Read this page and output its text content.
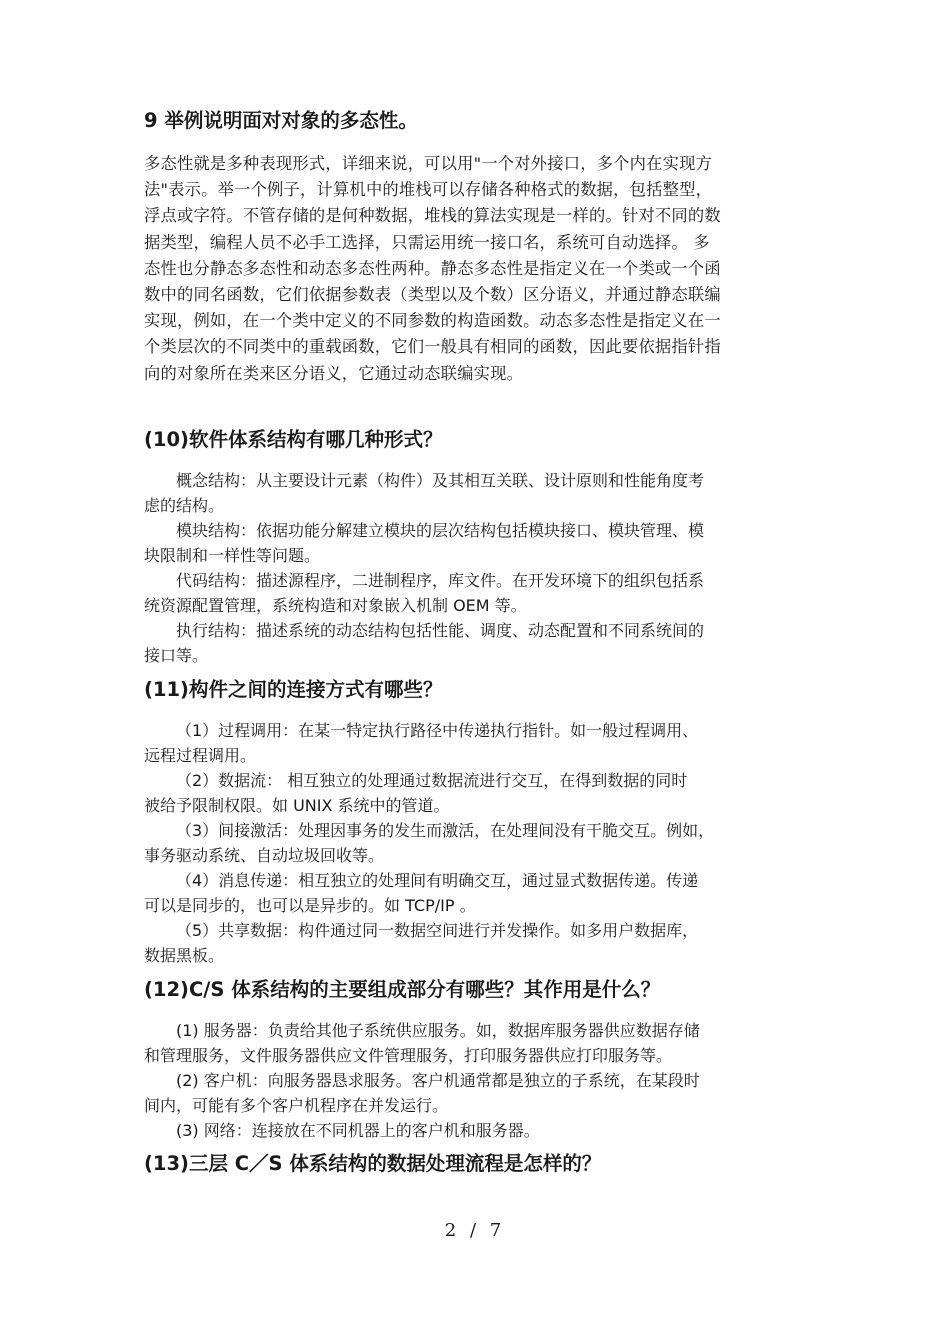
9 举例说明面对对象的多态性。
多态性就是多种表现形式，详细来说，可以用"一个对外接口，多个内在实现方
法"表示。举一个例子，计算机中的堆栈可以存储各种格式的数据，包括整型，
浮点或字符。不管存储的是何种数据，堆栈的算法实现是一样的。针对不同的数
据类型，编程人员不必手工选择，只需运用统一接口名，系统可自动选择。 多
态性也分静态多态性和动态多态性两种。静态多态性是指定义在一个类或一个函
数中的同名函数，它们依据参数表（类型以及个数）区分语义，并通过静态联编
实现，例如，在一个类中定义的不同参数的构造函数。动态多态性是指定义在一
个类层次的不同类中的重载函数，它们一般具有相同的函数，因此要依据指针指
向的对象所在类来区分语义，它通过动态联编实现。
(10)软件体系结构有哪几种形式？
概念结构：从主要设计元素（构件）及其相互关联、设计原则和性能角度考
虑的结构。
模块结构：依据功能分解建立模块的层次结构包括模块接口、模块管理、模
块限制和一样性等问题。
代码结构：描述源程序，二进制程序，库文件。在开发环境下的组织包括系
统资源配置管理，系统构造和对象嵌入机制 OEM 等。
执行结构：描述系统的动态结构包括性能、调度、动态配置和不同系统间的
接口等。
(11)构件之间的连接方式有哪些？
（1）过程调用：在某一特定执行路径中传递执行指针。如一般过程调用、
远程过程调用。
（2）数据流： 相互独立的处理通过数据流进行交互，在得到数据的同时
被给予限制权限。如 UNIX 系统中的管道。
（3）间接激活：处理因事务的发生而激活，在处理间没有干脆交互。例如，
事务驱动系统、自动垃圾回收等。
（4）消息传递：相互独立的处理间有明确交互，通过显式数据传递。传递
可以是同步的，也可以是异步的。如 TCP/IP 。
（5）共享数据：构件通过同一数据空间进行并发操作。如多用户数据库，
数据黑板。
(12)C/S 体系结构的主要组成部分有哪些？其作用是什么？
(1) 服务器：负责给其他子系统供应服务。如，数据库服务器供应数据存储
和管理服务，文件服务器供应文件管理服务，打印服务器供应打印服务等。
(2) 客户机：向服务器恳求服务。客户机通常都是独立的子系统，在某段时
间内，可能有多个客户机程序在并发运行。
(3) 网络：连接放在不同机器上的客户机和服务器。
(13)三层 C／S 体系结构的数据处理流程是怎样的？
2 / 7
